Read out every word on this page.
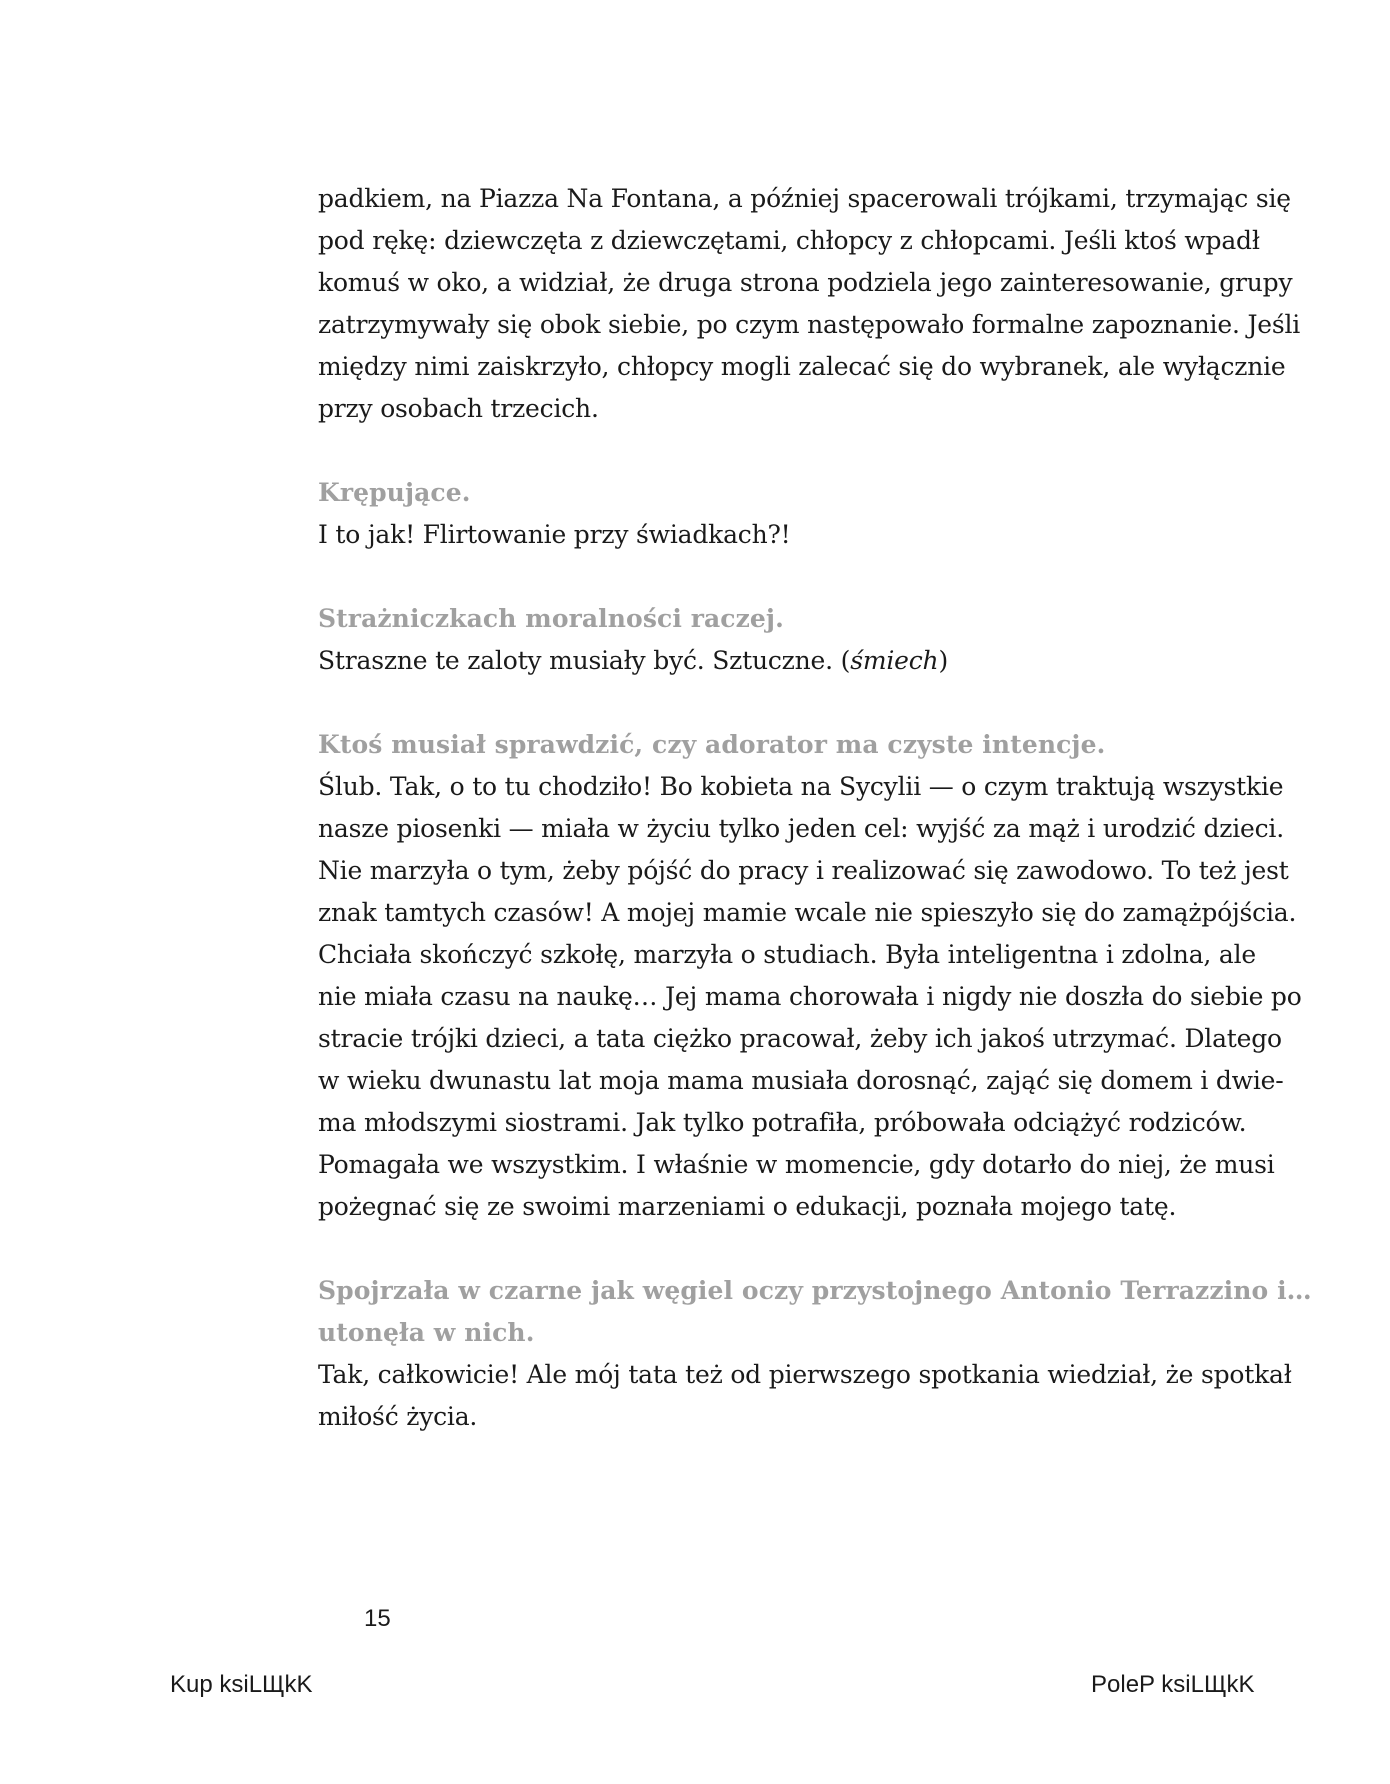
padkiem, na Piazza Na Fontana, a później spacerowali trójkami, trzymając się
pod rękę: dziewczęta z dziewczętami, chłopcy z chłopcami. Jeśli ktoś wpadł
komuś w oko, a widział, że druga strona podziela jego zainteresowanie, grupy
zatrzymywały się obok siebie, po czym następowało formalne zapoznanie. Jeśli
między nimi zaiskrzyło, chłopcy mogli zalecać się do wybranek, ale wyłącznie
przy osobach trzecich.

Krępujące.
I to jak! Flirtowanie przy świadkach?!

Strażniczkach moralności raczej.
Straszne te zaloty musiały być. Sztuczne. (śmiech)

Ktoś musiał sprawdzić, czy adorator ma czyste intencje.
Ślub. Tak, o to tu chodziło! Bo kobieta na Sycylii — o czym traktują wszystkie
nasze piosenki — miała w życiu tylko jeden cel: wyjść za mąż i urodzić dzieci.
Nie marzyła o tym, żeby pójść do pracy i realizować się zawodowo. To też jest
znak tamtych czasów! A mojej mamie wcale nie spieszyło się do zamążpójścia.
Chciała skończyć szkołę, marzyła o studiach. Była inteligentna i zdolna, ale
nie miała czasu na naukę… Jej mama chorowała i nigdy nie doszła do siebie po
stracie trójki dzieci, a tata ciężko pracował, żeby ich jakoś utrzymać. Dlatego
w wieku dwunastu lat moja mama musiała dorosnąć, zająć się domem i dwie-
ma młodszymi siostrami. Jak tylko potrafiła, próbowała odciążyć rodziców.
Pomagała we wszystkim. I właśnie w momencie, gdy dotarło do niej, że musi
pożegnać się ze swoimi marzeniami o edukacji, poznała mojego tatę.

Spojrzała w czarne jak węgiel oczy przystojnego Antonio Terrazzino i…
utonęła w nich.
Tak, całkowicie! Ale mój tata też od pierwszego spotkania wiedział, że spotkał
miłość życia.

15
Kup ksiLЩkK	PoleP ksiLЩkK
